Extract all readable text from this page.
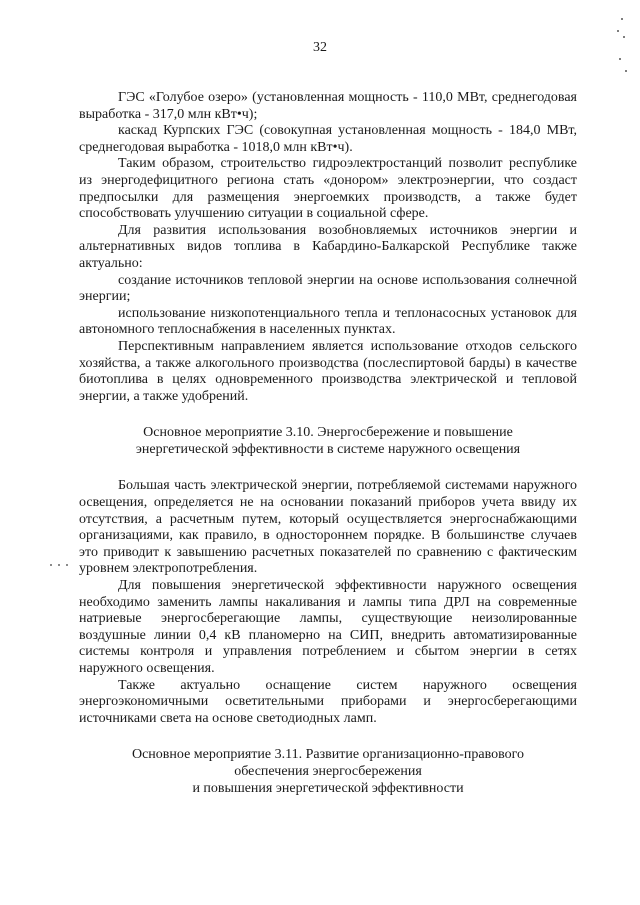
32

ГЭС «Голубое озеро» (установленная мощность - 110,0 МВт, среднегодовая выработка - 317,0 млн кВт•ч);

каскад Курпских ГЭС (совокупная установленная мощность - 184,0 МВт, среднегодовая выработка - 1018,0 млн кВт•ч).

Таким образом, строительство гидроэлектростанций позволит республике из энергодефицитного региона стать «донором» электроэнергии, что создаст предпосылки для размещения энергоемких производств, а также будет способствовать улучшению ситуации в социальной сфере.

Для развития использования возобновляемых источников энергии и альтернативных видов топлива в Кабардино-Балкарской Республике также актуально:

создание источников тепловой энергии на основе использования солнечной энергии;

использование низкопотенциального тепла и теплонасосных установок для автономного теплоснабжения в населенных пунктах.

Перспективным направлением является использование отходов сельского хозяйства, а также алкогольного производства (послеспиртовой барды) в качестве биотоплива в целях одновременного производства электрической и тепловой энергии, а также удобрений.

Основное мероприятие 3.10. Энергосбережение и повышение
энергетической эффективности в системе наружного освещения

Большая часть электрической энергии, потребляемой системами наружного освещения, определяется не на основании показаний приборов учета ввиду их отсутствия, а расчетным путем, который осуществляется энергоснабжающими организациями, как правило, в одностороннем порядке. В большинстве случаев это приводит к завышению расчетных показателей по сравнению с фактическим уровнем электропотребления.

Для повышения энергетической эффективности наружного освещения необходимо заменить лампы накаливания и лампы типа ДРЛ на современные натриевые энергосберегающие лампы, существующие неизолированные воздушные линии 0,4 кВ планомерно на СИП, внедрить автоматизированные системы контроля и управления потреблением и сбытом энергии в сетях наружного освещения.

Также актуально оснащение систем наружного освещения энергоэкономичными осветительными приборами и энергосберегающими источниками света на основе светодиодных ламп.

Основное мероприятие 3.11. Развитие организационно-правового
обеспечения энергосбережения
и повышения энергетической эффективности
